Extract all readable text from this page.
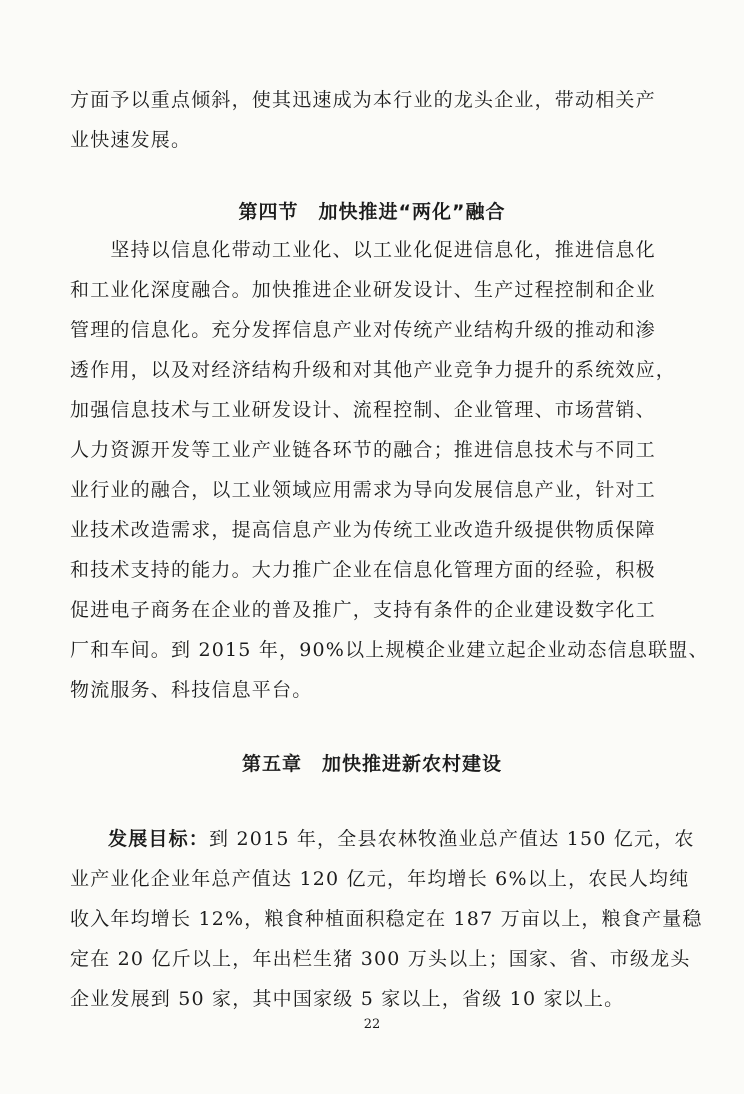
方面予以重点倾斜，使其迅速成为本行业的龙头企业，带动相关产
业快速发展。
第四节　加快推进“两化”融合
　　坚持以信息化带动工业化、以工业化促进信息化，推进信息化
和工业化深度融合。加快推进企业研发设计、生产过程控制和企业
管理的信息化。充分发挥信息产业对传统产业结构升级的推动和渗
透作用，以及对经济结构升级和对其他产业竞争力提升的系统效应，
加强信息技术与工业研发设计、流程控制、企业管理、市场营销、
人力资源开发等工业产业链各环节的融合；推进信息技术与不同工
业行业的融合，以工业领域应用需求为导向发展信息产业，针对工
业技术改造需求，提高信息产业为传统工业改造升级提供物质保障
和技术支持的能力。大力推广企业在信息化管理方面的经验，积极
促进电子商务在企业的普及推广，支持有条件的企业建设数字化工
厂和车间。到 2015 年，90%以上规模企业建立起企业动态信息联盟、
物流服务、科技信息平台。
第五章　加快推进新农村建设
发展目标：到 2015 年，全县农林牧渔业总产值达 150 亿元，农
业产业化企业年总产值达 120 亿元，年均增长 6%以上，农民人均纯
收入年均增长 12%，粮食种植面积稳定在 187 万亩以上，粮食产量稳
定在 20 亿斤以上，年出栏生猪 300 万头以上；国家、省、市级龙头
企业发展到 50 家，其中国家级 5 家以上，省级 10 家以上。
22
